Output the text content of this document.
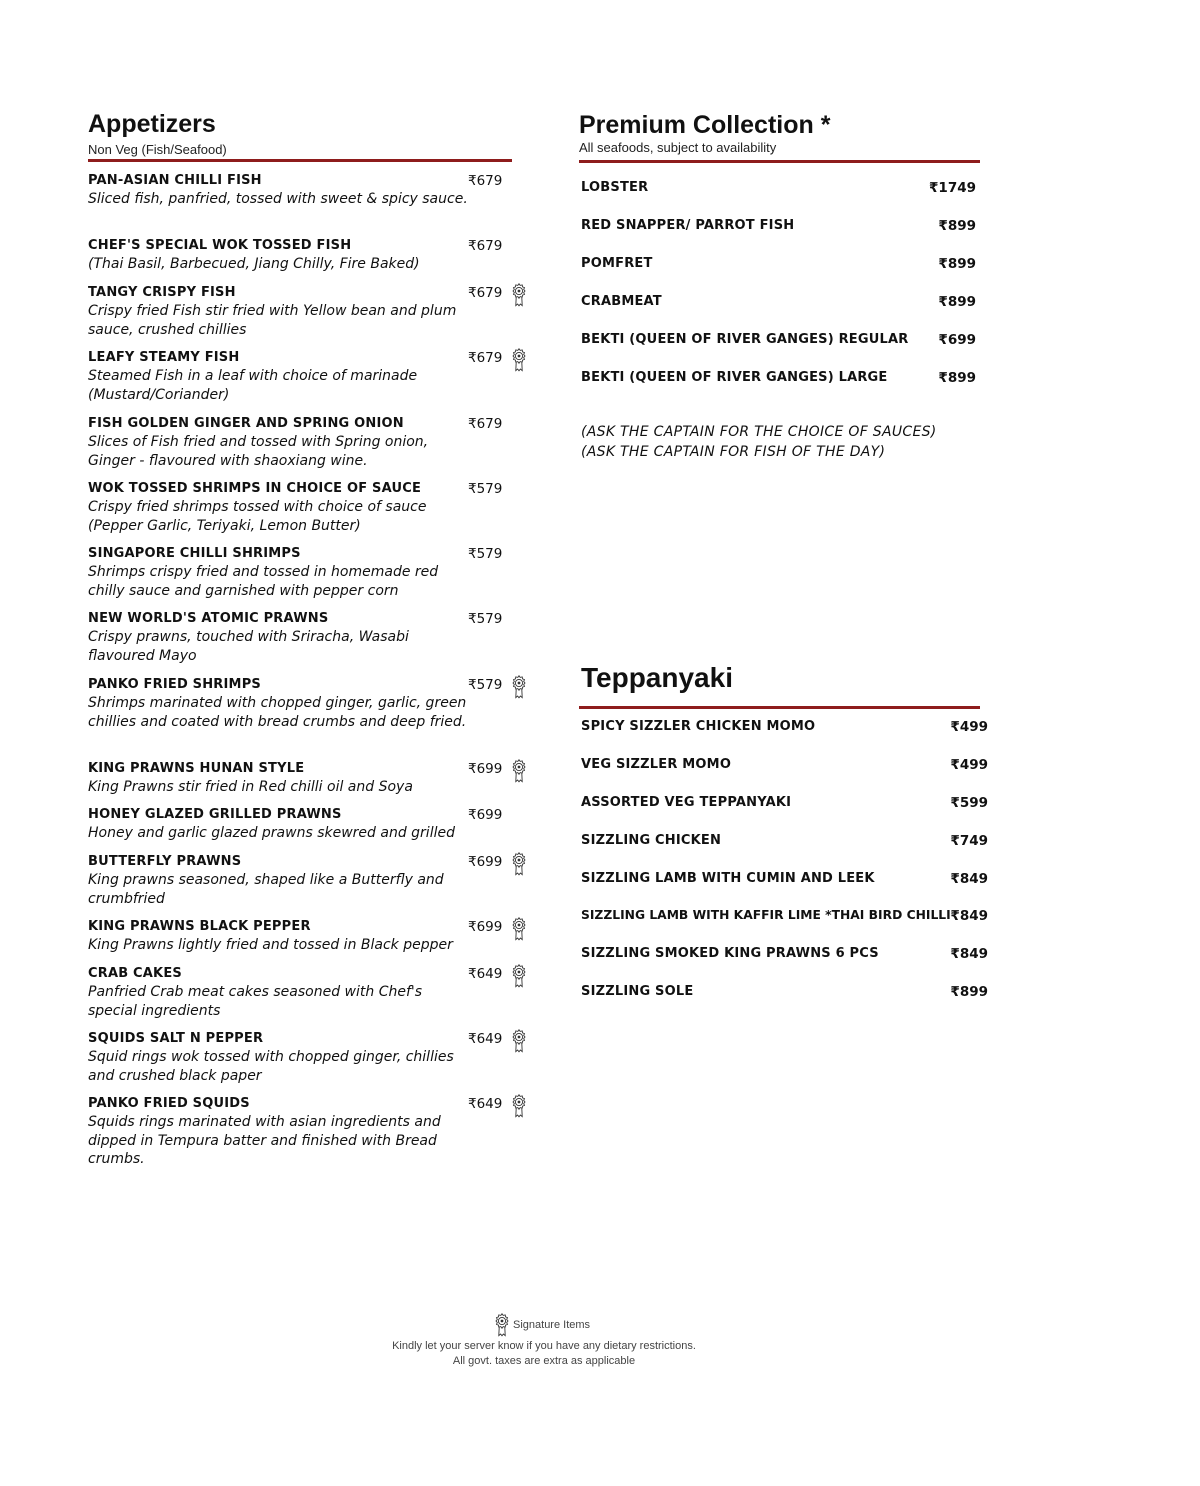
Appetizers
Non Veg (Fish/Seafood)
PAN-ASIAN CHILLI FISH	₹679
Sliced fish, panfried, tossed with sweet & spicy sauce.
CHEF'S SPECIAL WOK TOSSED FISH	₹679
(Thai Basil, Barbecued, Jiang Chilly, Fire Baked)
TANGY CRISPY FISH	₹679
Crispy fried Fish stir fried with Yellow bean and plum sauce, crushed chillies
LEAFY STEAMY FISH	₹679
Steamed Fish in a leaf with choice of marinade (Mustard/Coriander)
FISH GOLDEN GINGER AND SPRING ONION	₹679
Slices of Fish fried and tossed with Spring onion, Ginger - flavoured with shaoxiang wine.
WOK TOSSED SHRIMPS IN CHOICE OF SAUCE	₹579
Crispy fried shrimps tossed with choice of sauce (Pepper Garlic, Teriyaki, Lemon Butter)
SINGAPORE CHILLI SHRIMPS	₹579
Shrimps crispy fried and tossed in homemade red chilly sauce and garnished with pepper corn
NEW WORLD'S ATOMIC PRAWNS	₹579
Crispy prawns, touched with Sriracha, Wasabi flavoured Mayo
PANKO FRIED SHRIMPS	₹579
Shrimps marinated with chopped ginger, garlic, green chillies and coated with bread crumbs and deep fried.
KING PRAWNS HUNAN STYLE	₹699
King Prawns stir fried in Red chilli oil and Soya
HONEY GLAZED GRILLED PRAWNS	₹699
Honey and garlic glazed prawns skewred and grilled
BUTTERFLY PRAWNS	₹699
King prawns seasoned, shaped like a Butterfly and crumbfried
KING PRAWNS BLACK PEPPER	₹699
King Prawns lightly fried and tossed in Black pepper
CRAB CAKES	₹649
Panfried Crab meat cakes seasoned with Chef's special ingredients
SQUIDS SALT N PEPPER	₹649
Squid rings wok tossed with chopped ginger, chillies and crushed black paper
PANKO FRIED SQUIDS	₹649
Squids rings marinated with asian ingredients and dipped in Tempura batter and finished with Bread crumbs.
Premium Collection *
All seafoods, subject to availability
LOBSTER	₹1749
RED SNAPPER/ PARROT FISH	₹899
POMFRET	₹899
CRABMEAT	₹899
BEKTI (QUEEN OF RIVER GANGES) REGULAR	₹699
BEKTI (QUEEN OF RIVER GANGES) LARGE	₹899
(ASK THE CAPTAIN FOR THE CHOICE OF SAUCES)
(ASK THE CAPTAIN FOR FISH OF THE DAY)
Teppanyaki
SPICY SIZZLER CHICKEN MOMO	₹499
VEG SIZZLER MOMO	₹499
ASSORTED VEG TEPPANYAKI	₹599
SIZZLING CHICKEN	₹749
SIZZLING LAMB WITH CUMIN AND LEEK	₹849
SIZZLING LAMB WITH KAFFIR LIME *THAI BIRD CHILLI ₹849
SIZZLING SMOKED KING PRAWNS 6 PCS	₹849
SIZZLING SOLE	₹899
Signature Items
Kindly let your server know if you have any dietary restrictions.
All govt. taxes are extra as applicable
